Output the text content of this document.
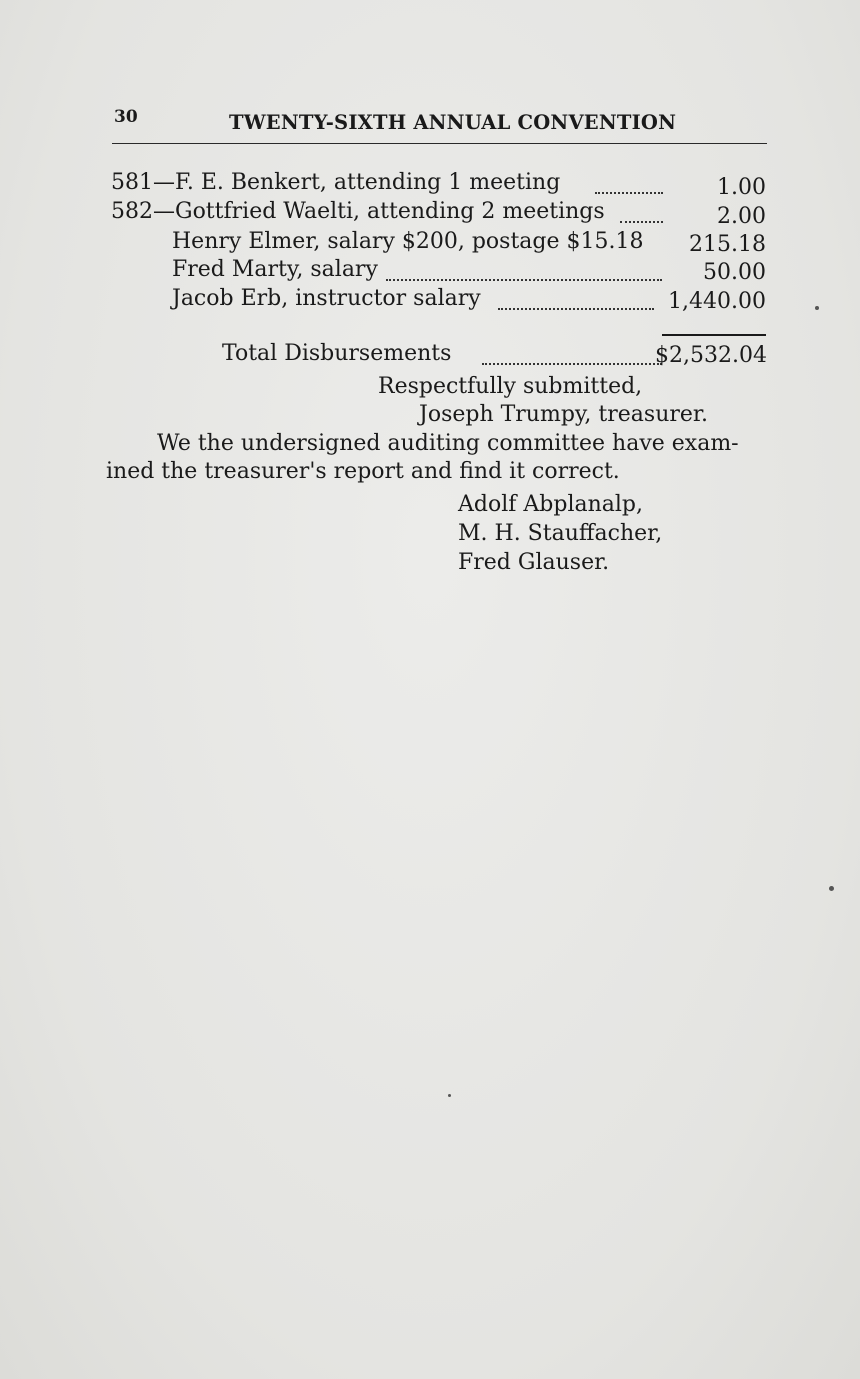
30	TWENTY-SIXTH ANNUAL CONVENTION
581—F. E. Benkert, attending 1 meeting	1.00
582—Gottfried Waelti, attending 2 meetings	2.00
Henry Elmer, salary $200, postage $15.18	215.18
Fred Marty, salary	50.00
Jacob Erb, instructor salary	1,440.00
Total Disbursements	$2,532.04
Respectfully submitted,
Joseph Trumpy, treasurer.
We the undersigned auditing committee have exam-
ined the treasurer's report and find it correct.
Adolf Abplanalp,
M. H. Stauffacher,
Fred Glauser.
